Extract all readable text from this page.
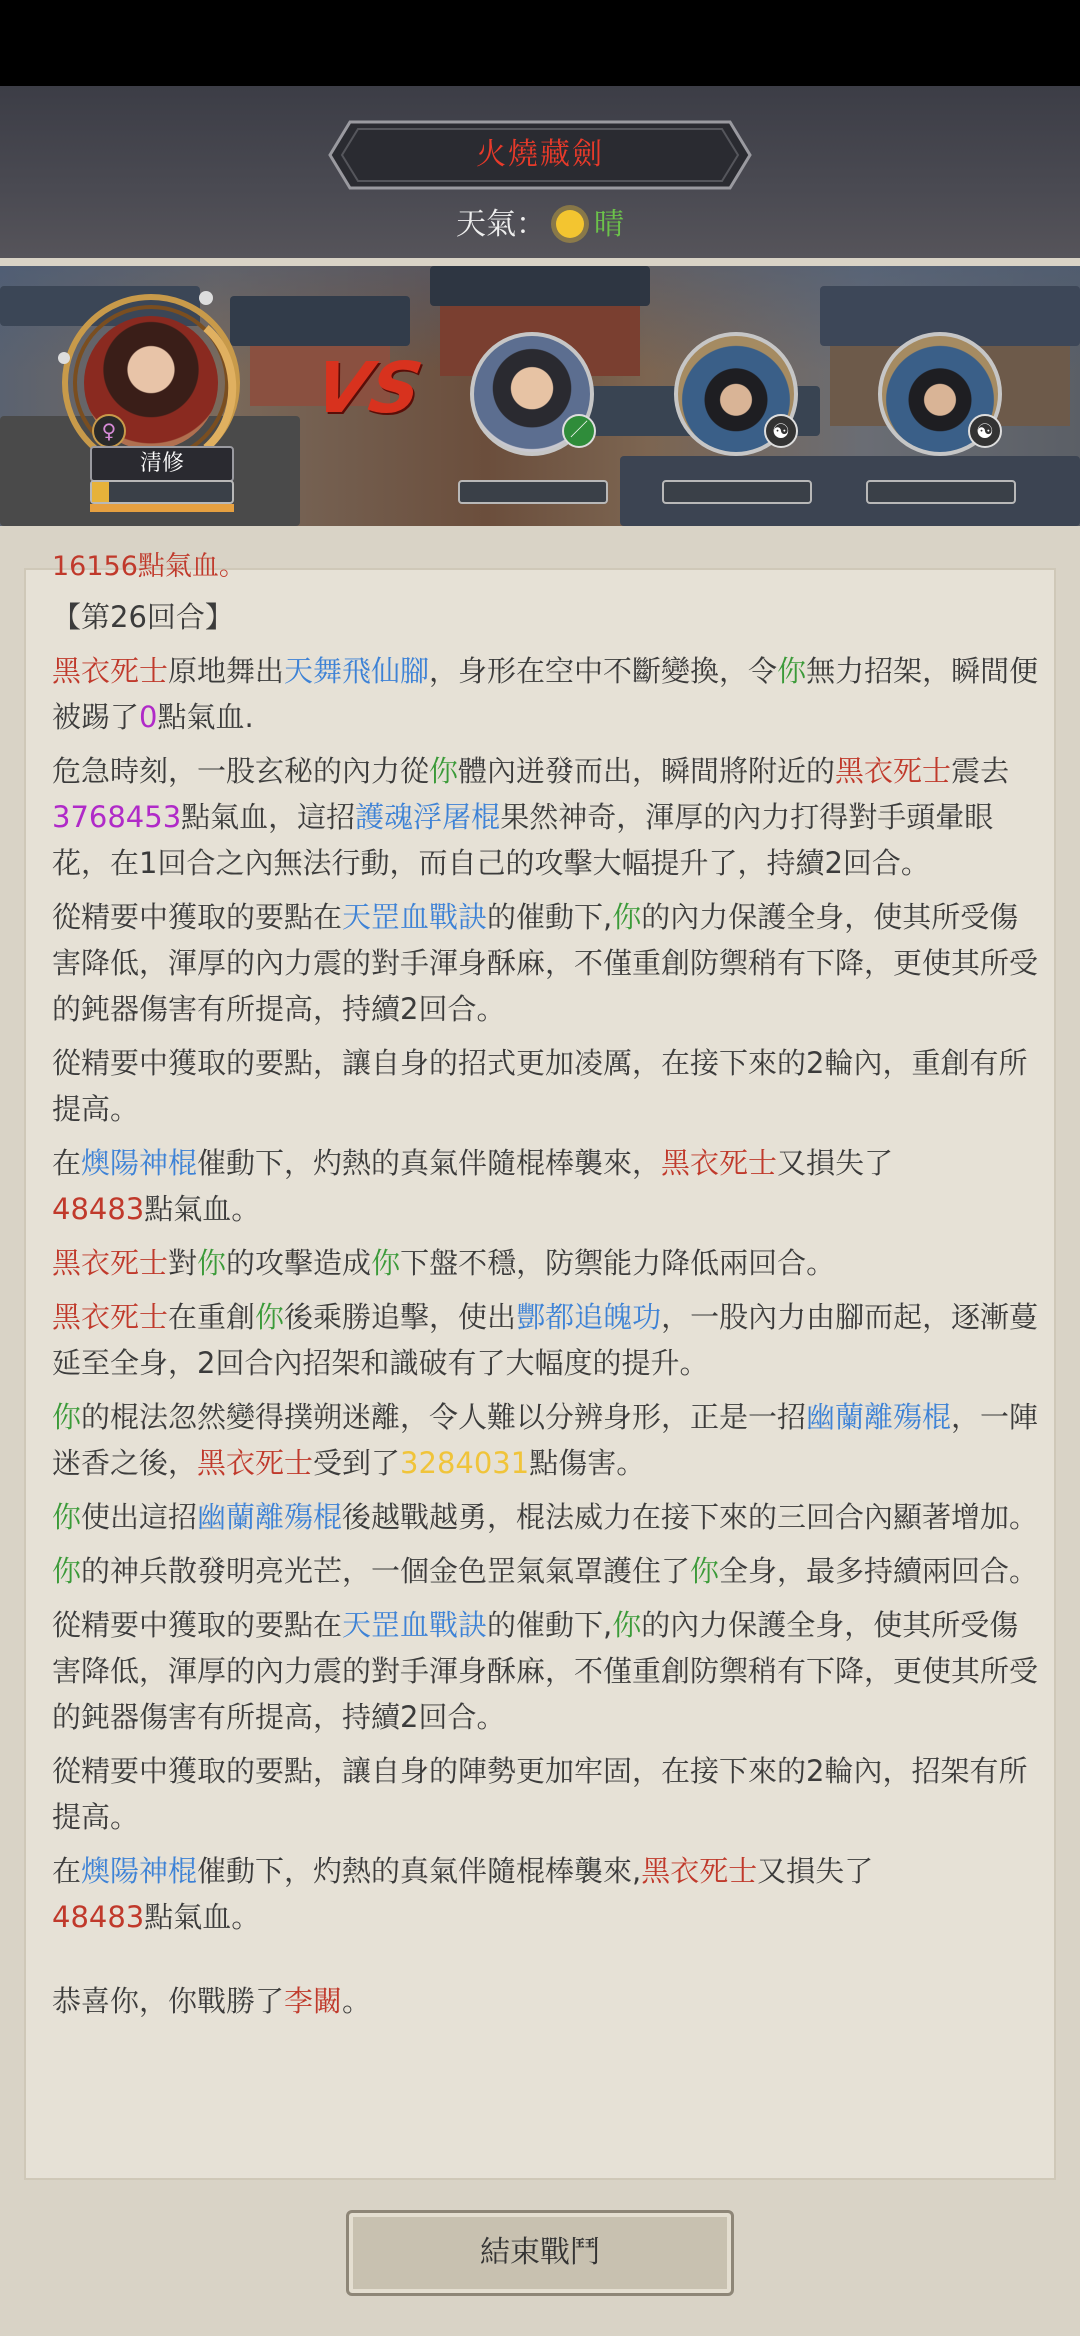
火燒藏劍
天氣： 晴
♀
清修
VS
／	☯	☯
16156點氣血。
【第26回合】
黑衣死士原地舞出天舞飛仙腳，身形在空中不斷變換，令你無力招架，瞬間便被踢了0點氣血.
危急時刻，一股玄秘的內力從你體內迸發而出，瞬間將附近的黑衣死士震去3768453點氣血，這招護魂浮屠棍果然神奇，渾厚的內力打得對手頭暈眼花，在1回合之內無法行動，而自己的攻擊大幅提升了，持續2回合。
從精要中獲取的要點在天罡血戰訣的催動下,你的內力保護全身，使其所受傷害降低，渾厚的內力震的對手渾身酥麻，不僅重創防禦稍有下降，更使其所受的鈍器傷害有所提高，持續2回合。
從精要中獲取的要點，讓自身的招式更加凌厲，在接下來的2輪內，重創有所提高。
在燠陽神棍催動下，灼熱的真氣伴隨棍棒襲來，黑衣死士又損失了
48483點氣血。
黑衣死士對你的攻擊造成你下盤不穩，防禦能力降低兩回合。
黑衣死士在重創你後乘勝追擊，使出酆都追魄功，一股內力由腳而起，逐漸蔓延至全身，2回合內招架和識破有了大幅度的提升。
你的棍法忽然變得撲朔迷離，令人難以分辨身形，正是一招幽蘭離殤棍，一陣迷香之後，黑衣死士受到了3284031點傷害。
你使出這招幽蘭離殤棍後越戰越勇，棍法威力在接下來的三回合內顯著增加。
你的神兵散發明亮光芒，一個金色罡氣氣罩護住了你全身，最多持續兩回合。
從精要中獲取的要點在天罡血戰訣的催動下,你的內力保護全身，使其所受傷害降低，渾厚的內力震的對手渾身酥麻，不僅重創防禦稍有下降，更使其所受的鈍器傷害有所提高，持續2回合。
從精要中獲取的要點，讓自身的陣勢更加牢固，在接下來的2輪內，招架有所提高。
在燠陽神棍催動下，灼熱的真氣伴隨棍棒襲來,黑衣死士又損失了
48483點氣血。
恭喜你，你戰勝了李闞。
結束戰鬥
